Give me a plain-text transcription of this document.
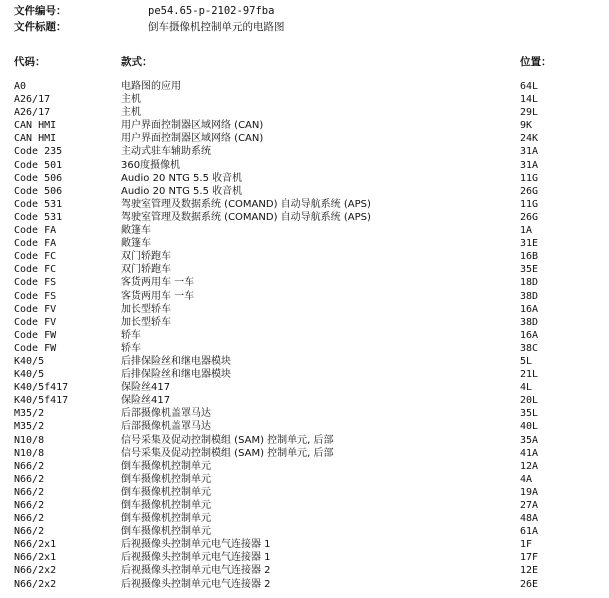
文件编号：	pe54.65-p-2102-97fba
文件标题：	倒车摄像机控制单元的电路图
代码：	款式：	位置：
A0	电路图的应用	64L
A26/17	主机	14L
A26/17	主机	29L
CAN HMI	用户界面控制器区域网络 (CAN)	9K
CAN HMI	用户界面控制器区域网络 (CAN)	24K
Code 235	主动式驻车辅助系统	31A
Code 501	360度摄像机	31A
Code 506	Audio 20 NTG 5.5 收音机	11G
Code 506	Audio 20 NTG 5.5 收音机	26G
Code 531	驾驶室管理及数据系统 (COMAND) 自动导航系统 (APS)	11G
Code 531	驾驶室管理及数据系统 (COMAND) 自动导航系统 (APS)	26G
Code FA	敞篷车	1A
Code FA	敞篷车	31E
Code FC	双门轿跑车	16B
Code FC	双门轿跑车	35E
Code FS	客货两用车 一车	18D
Code FS	客货两用车 一车	38D
Code FV	加长型轿车	16A
Code FV	加长型轿车	38D
Code FW	轿车	16A
Code FW	轿车	38C
K40/5	后排保险丝和继电器模块	5L
K40/5	后排保险丝和继电器模块	21L
K40/5f417	保险丝417	4L
K40/5f417	保险丝417	20L
M35/2	后部摄像机盖罩马达	35L
M35/2	后部摄像机盖罩马达	40L
N10/8	信号采集及促动控制模组 (SAM) 控制单元, 后部	35A
N10/8	信号采集及促动控制模组 (SAM) 控制单元, 后部	41A
N66/2	倒车摄像机控制单元	12A
N66/2	倒车摄像机控制单元	4A
N66/2	倒车摄像机控制单元	19A
N66/2	倒车摄像机控制单元	27A
N66/2	倒车摄像机控制单元	48A
N66/2	倒车摄像机控制单元	61A
N66/2x1	后视摄像头控制单元电气连接器 1	1F
N66/2x1	后视摄像头控制单元电气连接器 1	17F
N66/2x2	后视摄像头控制单元电气连接器 2	12E
N66/2x2	后视摄像头控制单元电气连接器 2	26E
